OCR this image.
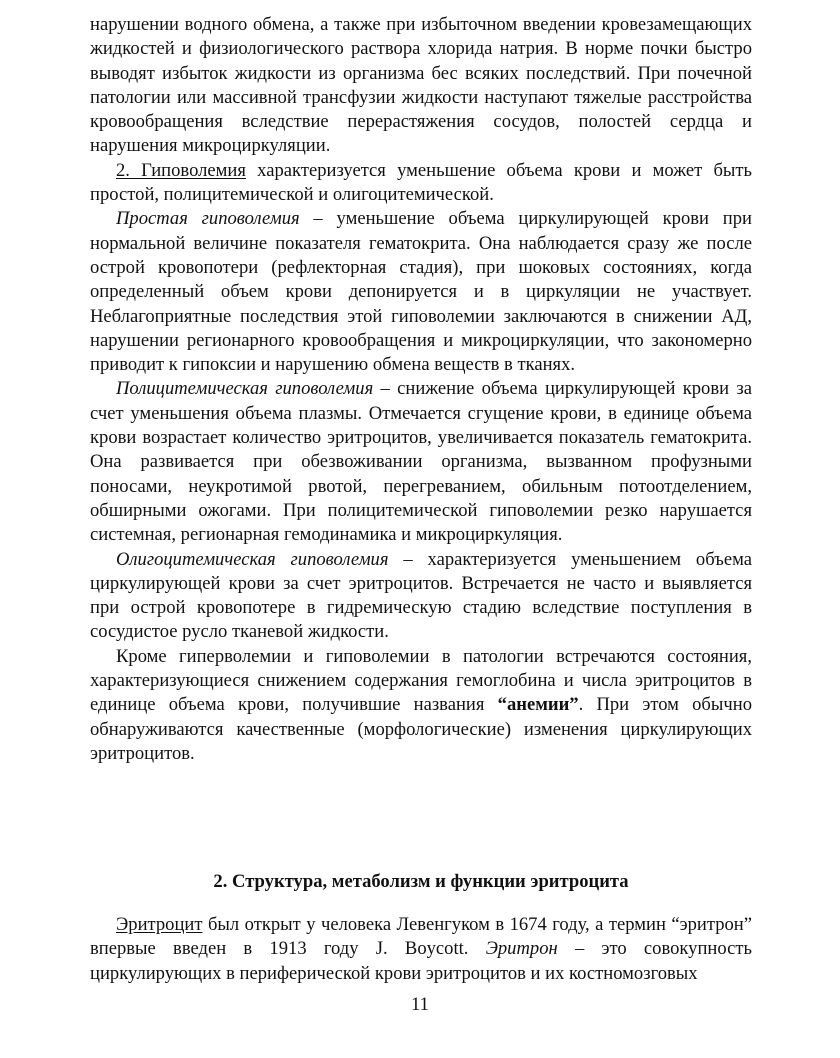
нарушении водного обмена, а также при избыточном введении кровезамещающих жидкостей и физиологического раствора хлорида натрия. В норме почки быстро выводят избыток жидкости из организма бес всяких последствий. При почечной патологии или массивной трансфузии жидкости наступают тяжелые расстройства кровообращения вследствие перерастяжения сосудов, полостей сердца и нарушения микроциркуляции.

2. Гиповолемия характеризуется уменьшение объема крови и может быть простой, полицитемической и олигоцитемической.

Простая гиповолемия – уменьшение объема циркулирующей крови при нормальной величине показателя гематокрита. Она наблюдается сразу же после острой кровопотери (рефлекторная стадия), при шоковых состояниях, когда определенный объем крови депонируется и в циркуляции не участвует. Неблагоприятные последствия этой гиповолемии заключаются в снижении АД, нарушении регионарного кровообращения и микроциркуляции, что закономерно приводит к гипоксии и нарушению обмена веществ в тканях.

Полицитемическая гиповолемия – снижение объема циркулирующей крови за счет уменьшения объема плазмы. Отмечается сгущение крови, в единице объема крови возрастает количество эритроцитов, увеличивается показатель гематокрита. Она развивается при обезвоживании организма, вызванном профузными поносами, неукротимой рвотой, перегреванием, обильным потоотделением, обширными ожогами. При полицитемической гиповолемии резко нарушается системная, регионарная гемодинамика и микроциркуляция.

Олигоцитемическая гиповолемия – характеризуется уменьшением объема циркулирующей крови за счет эритроцитов. Встречается не часто и выявляется при острой кровопотере в гидремическую стадию вследствие поступления в сосудистое русло тканевой жидкости.

Кроме гиперволемии и гиповолемии в патологии встречаются состояния, характеризующиеся снижением содержания гемоглобина и числа эритроцитов в единице объема крови, получившие названия “анемии”. При этом обычно обнаруживаются качественные (морфологические) изменения циркулирующих эритроцитов.

2. Структура, метаболизм и функции эритроцита

Эритроцит был открыт у человека Левенгуком в 1674 году, а термин “эритрон” впервые введен в 1913 году J. Boycott. Эритрон – это совокупность циркулирующих в периферической крови эритроцитов и их костномозговых

11
